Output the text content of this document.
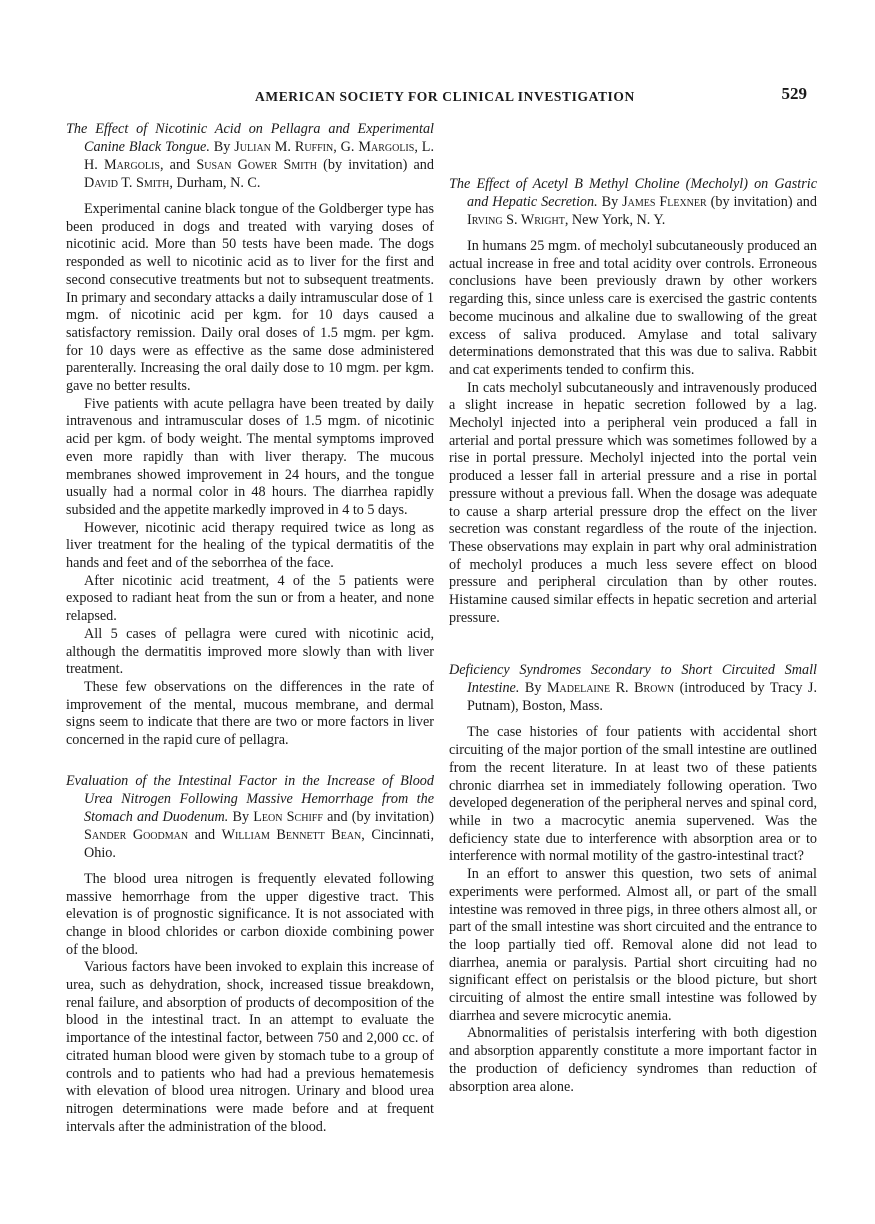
AMERICAN SOCIETY FOR CLINICAL INVESTIGATION	529

The Effect of Nicotinic Acid on Pellagra and Experimental Canine Black Tongue. By Julian M. Ruffin, G. Margolis, L. H. Margolis, and Susan Gower Smith (by invitation) and David T. Smith, Durham, N. C.

Experimental canine black tongue of the Goldberger type has been produced in dogs and treated with varying doses of nicotinic acid. More than 50 tests have been made. The dogs responded as well to nicotinic acid as to liver for the first and second consecutive treatments but not to subsequent treatments. In primary and secondary attacks a daily intramuscular dose of 1 mgm. of nicotinic acid per kgm. for 10 days caused a satisfactory remission. Daily oral doses of 1.5 mgm. per kgm. for 10 days were as effective as the same dose administered parenterally. Increasing the oral daily dose to 10 mgm. per kgm. gave no better results.

Five patients with acute pellagra have been treated by daily intravenous and intramuscular doses of 1.5 mgm. of nicotinic acid per kgm. of body weight. The mental symptoms improved even more rapidly than with liver therapy. The mucous membranes showed improvement in 24 hours, and the tongue usually had a normal color in 48 hours. The diarrhea rapidly subsided and the appetite markedly improved in 4 to 5 days.

However, nicotinic acid therapy required twice as long as liver treatment for the healing of the typical dermatitis of the hands and feet and of the seborrhea of the face.

After nicotinic acid treatment, 4 of the 5 patients were exposed to radiant heat from the sun or from a heater, and none relapsed.

All 5 cases of pellagra were cured with nicotinic acid, although the dermatitis improved more slowly than with liver treatment.

These few observations on the differences in the rate of improvement of the mental, mucous membrane, and dermal signs seem to indicate that there are two or more factors in liver concerned in the rapid cure of pellagra.

Evaluation of the Intestinal Factor in the Increase of Blood Urea Nitrogen Following Massive Hemorrhage from the Stomach and Duodenum. By Leon Schiff and (by invitation) Sander Goodman and William Bennett Bean, Cincinnati, Ohio.

The blood urea nitrogen is frequently elevated following massive hemorrhage from the upper digestive tract. This elevation is of prognostic significance. It is not associated with change in blood chlorides or carbon dioxide combining power of the blood.

Various factors have been invoked to explain this increase of urea, such as dehydration, shock, increased tissue breakdown, renal failure, and absorption of products of decomposition of the blood in the intestinal tract. In an attempt to evaluate the importance of the intestinal factor, between 750 and 2,000 cc. of citrated human blood were given by stomach tube to a group of controls and to patients who had had a previous hematemesis with elevation of blood urea nitrogen. Urinary and blood urea nitrogen determinations were made before and at frequent intervals after the administration of the blood.

The Effect of Acetyl B Methyl Choline (Mecholyl) on Gastric and Hepatic Secretion. By James Flexner (by invitation) and Irving S. Wright, New York, N. Y.

In humans 25 mgm. of mecholyl subcutaneously produced an actual increase in free and total acidity over controls. Erroneous conclusions have been previously drawn by other workers regarding this, since unless care is exercised the gastric contents become mucinous and alkaline due to swallowing of the great excess of saliva produced. Amylase and total salivary determinations demonstrated that this was due to saliva. Rabbit and cat experiments tended to confirm this.

In cats mecholyl subcutaneously and intravenously produced a slight increase in hepatic secretion followed by a lag. Mecholyl injected into a peripheral vein produced a fall in arterial and portal pressure which was sometimes followed by a rise in portal pressure. Mecholyl injected into the portal vein produced a lesser fall in arterial pressure and a rise in portal pressure without a previous fall. When the dosage was adequate to cause a sharp arterial pressure drop the effect on the liver secretion was constant regardless of the route of the injection. These observations may explain in part why oral administration of mecholyl produces a much less severe effect on blood pressure and peripheral circulation than by other routes. Histamine caused similar effects in hepatic secretion and arterial pressure.

Deficiency Syndromes Secondary to Short Circuited Small Intestine. By Madelaine R. Brown (introduced by Tracy J. Putnam), Boston, Mass.

The case histories of four patients with accidental short circuiting of the major portion of the small intestine are outlined from the recent literature. In at least two of these patients chronic diarrhea set in immediately following operation. Two developed degeneration of the peripheral nerves and spinal cord, while in two a macrocytic anemia supervened. Was the deficiency state due to interference with absorption area or to interference with normal motility of the gastro-intestinal tract?

In an effort to answer this question, two sets of animal experiments were performed. Almost all, or part of the small intestine was removed in three pigs, in three others almost all, or part of the small intestine was short circuited and the entrance to the loop partially tied off. Removal alone did not lead to diarrhea, anemia or paralysis. Partial short circuiting had no significant effect on peristalsis or the blood picture, but short circuiting of almost the entire small intestine was followed by diarrhea and severe microcytic anemia.

Abnormalities of peristalsis interfering with both digestion and absorption apparently constitute a more important factor in the production of deficiency syndromes than reduction of absorption area alone.
